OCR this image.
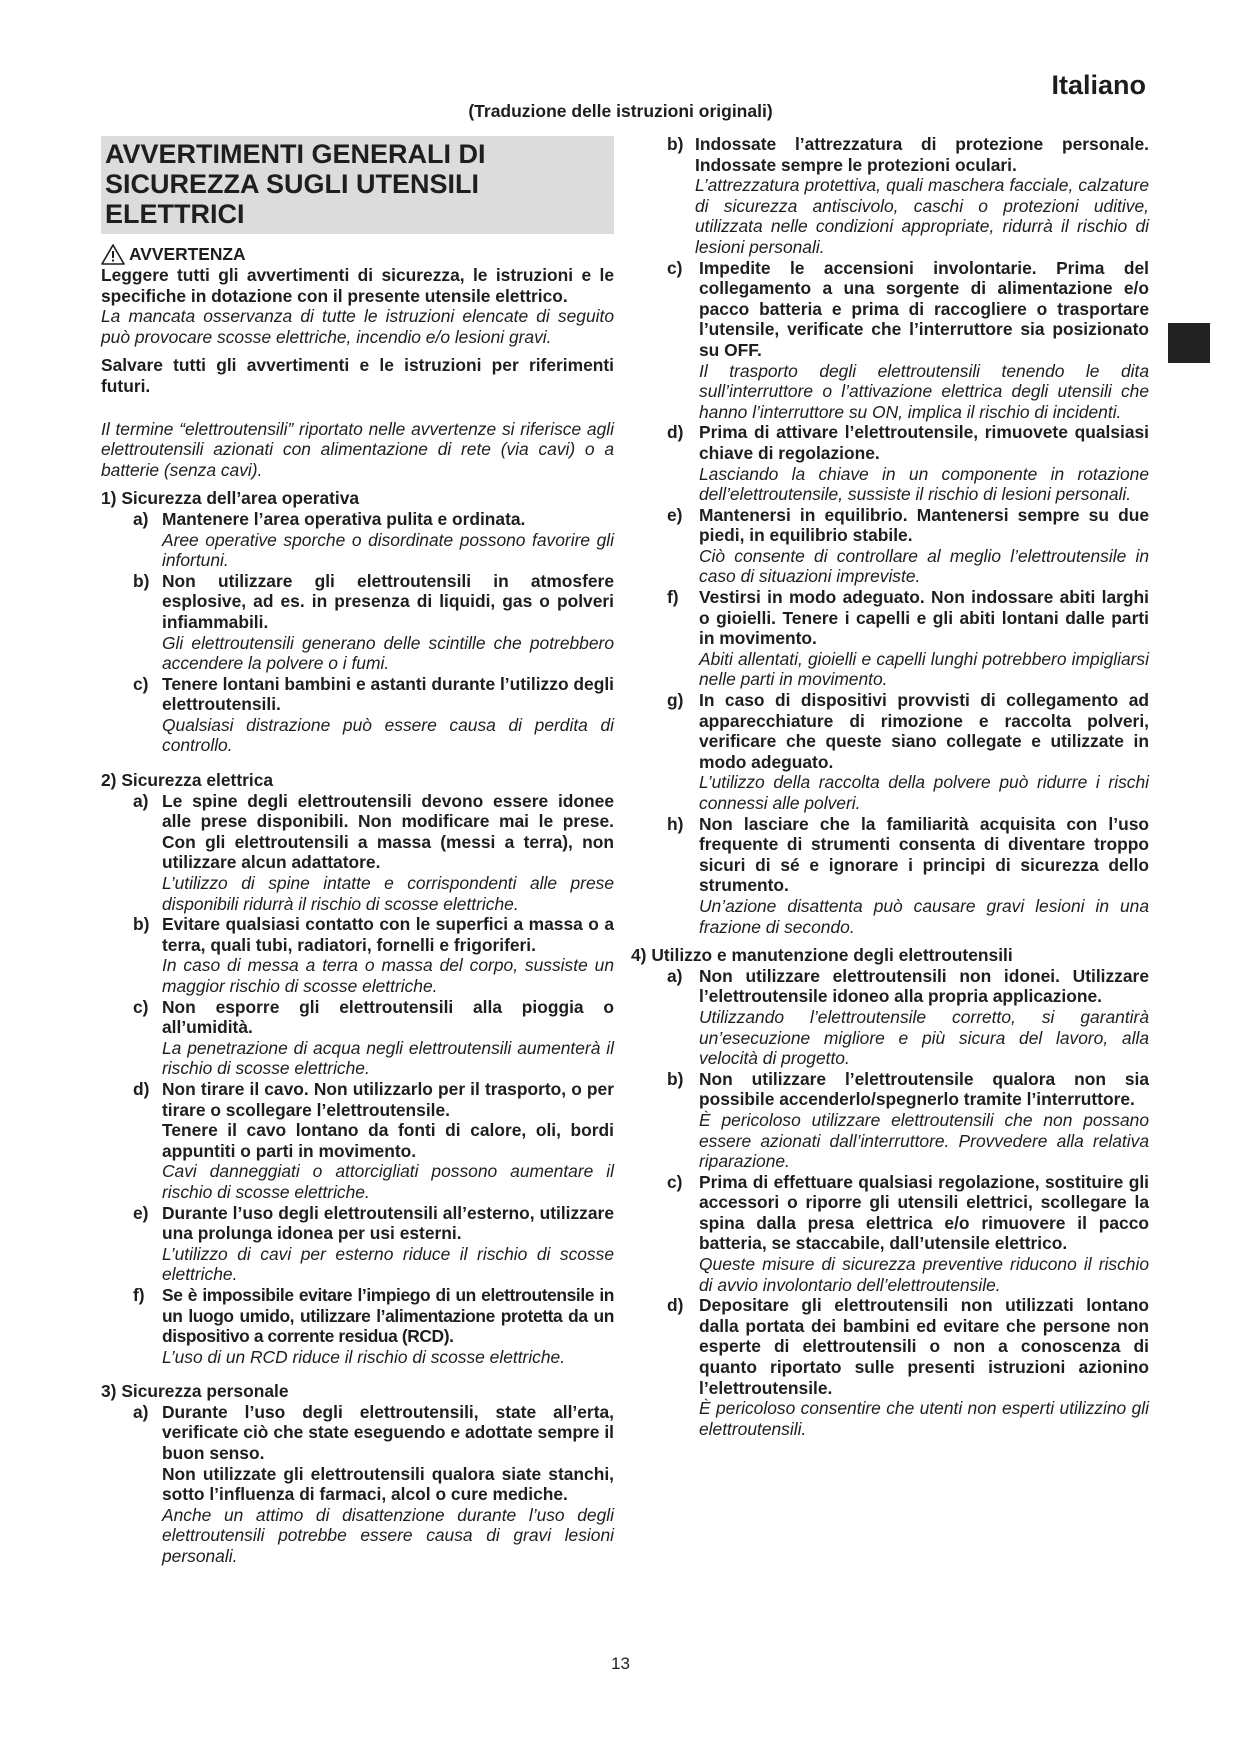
Italiano
(Traduzione delle istruzioni originali)
AVVERTIMENTI GENERALI DI SICUREZZA SUGLI UTENSILI ELETTRICI
AVVERTENZA

Leggere tutti gli avvertimenti di sicurezza, le istruzioni e le specifiche in dotazione con il presente utensile elettrico.

La mancata osservanza di tutte le istruzioni elencate di seguito può provocare scosse elettriche, incendio e/o lesioni gravi.

Salvare tutti gli avvertimenti e le istruzioni per riferimenti futuri.

Il termine “elettroutensili” riportato nelle avvertenze si riferisce agli elettroutensili azionati con alimentazione di rete (via cavi) o a batterie (senza cavi).

1) Sicurezza dell’area operativa

a) Mantenere l’area operativa pulita e ordinata.

Aree operative sporche o disordinate possono favorire gli infortuni.

b) Non utilizzare gli elettroutensili in atmosfere esplosive, ad es. in presenza di liquidi, gas o polveri infiammabili.

Gli elettroutensili generano delle scintille che potrebbero accendere la polvere o i fumi.

c) Tenere lontani bambini e astanti durante l’utilizzo degli elettroutensili.

Qualsiasi distrazione può essere causa di perdita di controllo.

2) Sicurezza elettrica

a) Le spine degli elettroutensili devono essere idonee alle prese disponibili. Non modificare mai le prese. Con gli elettroutensili a massa (messi a terra), non utilizzare alcun adattatore.

L’utilizzo di spine intatte e corrispondenti alle prese disponibili ridurrà il rischio di scosse elettriche.

b) Evitare qualsiasi contatto con le superfici a massa o a terra, quali tubi, radiatori, fornelli e frigoriferi.

In caso di messa a terra o massa del corpo, sussiste un maggior rischio di scosse elettriche.

c) Non esporre gli elettroutensili alla pioggia o all’umidità.

La penetrazione di acqua negli elettroutensili aumenterà il rischio di scosse elettriche.

d) Non tirare il cavo. Non utilizzarlo per il trasporto, o per tirare o scollegare l’elettroutensile.

Tenere il cavo lontano da fonti di calore, oli, bordi appuntiti o parti in movimento.

Cavi danneggiati o attorcigliati possono aumentare il rischio di scosse elettriche.

e) Durante l’uso degli elettroutensili all’esterno, utilizzare una prolunga idonea per usi esterni.

L’utilizzo di cavi per esterno riduce il rischio di scosse elettriche.

f)	Se è impossibile evitare l’impiego di un elettroutensile in un luogo umido, utilizzare l’alimentazione protetta da un dispositivo a corrente residua (RCD).

L’uso di un RCD riduce il rischio di scosse elettriche.

3) Sicurezza personale

a) Durante l’uso degli elettroutensili, state all’erta, verificate ciò che state eseguendo e adottate sempre il buon senso.

Non utilizzate gli elettroutensili qualora siate stanchi, sotto l’influenza di farmaci, alcol o cure mediche.

Anche un attimo di disattenzione durante l’uso degli elettroutensili potrebbe essere causa di gravi lesioni personali.

b) Indossate l’attrezzatura di protezione personale. Indossate sempre le protezioni oculari.

L’attrezzatura protettiva, quali maschera facciale, calzature di sicurezza antiscivolo, caschi o protezioni uditive, utilizzata nelle condizioni appropriate, ridurrà il rischio di lesioni personali.

c) Impedite le accensioni involontarie. Prima del collegamento a una sorgente di alimentazione e/o pacco batteria e prima di raccogliere o trasportare l’utensile, verificate che l’interruttore sia posizionato su OFF.

Il trasporto degli elettroutensili tenendo le dita sull’interruttore o l’attivazione elettrica degli utensili che hanno l’interruttore su ON, implica il rischio di incidenti.

d) Prima di attivare l’elettroutensile, rimuovete qualsiasi chiave di regolazione.

Lasciando la chiave in un componente in rotazione dell’elettroutensile, sussiste il rischio di lesioni personali.

e) Mantenersi in equilibrio. Mantenersi sempre su due piedi, in equilibrio stabile.

Ciò consente di controllare al meglio l’elettroutensile in caso di situazioni impreviste.

f)	Vestirsi in modo adeguato. Non indossare abiti larghi o gioielli. Tenere i capelli e gli abiti lontani dalle parti in movimento.

Abiti allentati, gioielli e capelli lunghi potrebbero impigliarsi nelle parti in movimento.

g) In caso di dispositivi provvisti di collegamento ad apparecchiature di rimozione e raccolta polveri, verificare che queste siano collegate e utilizzate in modo adeguato.

L’utilizzo della raccolta della polvere può ridurre i rischi connessi alle polveri.

h) Non lasciare che la familiarità acquisita con l’uso frequente di strumenti consenta di diventare troppo sicuri di sé e ignorare i principi di sicurezza dello strumento.

Un’azione disattenta può causare gravi lesioni in una frazione di secondo.

4) Utilizzo e manutenzione degli elettroutensili

a) Non utilizzare elettroutensili non idonei. Utilizzare l’elettroutensile idoneo alla propria applicazione.

Utilizzando l’elettroutensile corretto, si garantirà un’esecuzione migliore e più sicura del lavoro, alla velocità di progetto.

b) Non utilizzare l’elettroutensile qualora non sia possibile accenderlo/spegnerlo tramite l’interruttore.

È pericoloso utilizzare elettroutensili che non possano essere azionati dall’interruttore. Provvedere alla relativa riparazione.

c) Prima di effettuare qualsiasi regolazione, sostituire gli accessori o riporre gli utensili elettrici, scollegare la spina dalla presa elettrica e/o rimuovere il pacco batteria, se staccabile, dall’utensile elettrico.

Queste misure di sicurezza preventive riducono il rischio di avvio involontario dell’elettroutensile.

d) Depositare gli elettroutensili non utilizzati lontano dalla portata dei bambini ed evitare che persone non esperte di elettroutensili o non a conoscenza di quanto riportato sulle presenti istruzioni azionino l’elettroutensile.

È pericoloso consentire che utenti non esperti utilizzino gli elettroutensili.

13
